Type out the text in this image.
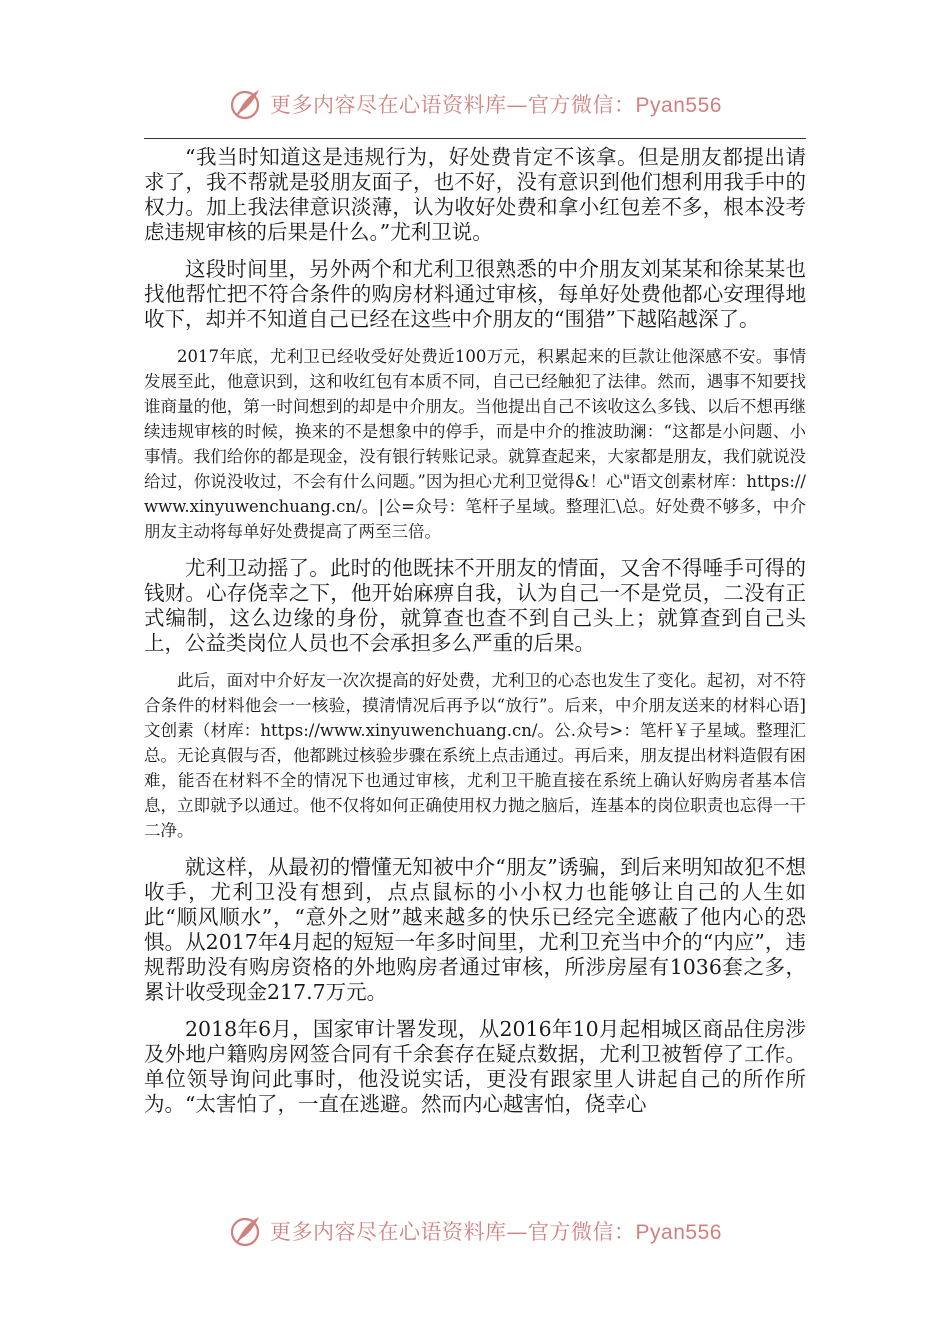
更多内容尽在心语资料库—官方微信：Pyan556

“我当时知道这是违规行为，好处费肯定不该拿。但是朋友都提出请求了，我不帮就是驳朋友面子，也不好，没有意识到他们想利用我手中的权力。加上我法律意识淡薄，认为收好处费和拿小红包差不多，根本没考虑违规审核的后果是什么。”尤利卫说。

这段时间里，另外两个和尤利卫很熟悉的中介朋友刘某某和徐某某也找他帮忙把不符合条件的购房材料通过审核，每单好处费他都心安理得地收下，却并不知道自己已经在这些中介朋友的“围猎”下越陷越深了。

2017年底，尤利卫已经收受好处费近100万元，积累起来的巨款让他深感不安。事情发展至此，他意识到，这和收红包有本质不同，自己已经触犯了法律。然而，遇事不知要找谁商量的他，第一时间想到的却是中介朋友。当他提出自己不该收这么多钱、以后不想再继续违规审核的时候，换来的不是想象中的停手，而是中介的推波助澜：“这都是小问题、小事情。我们给你的都是现金，没有银行转账记录。就算查起来，大家都是朋友，我们就说没给过，你说没收过，不会有什么问题。”因为担心尤利卫觉得&！心"语文创素材库：https://www.xinyuwenchuang.cn/。|公=众号：笔杆子星域。整理汇\总。好处费不够多，中介朋友主动将每单好处费提高了两至三倍。

尤利卫动摇了。此时的他既抹不开朋友的情面，又舍不得唾手可得的钱财。心存侥幸之下，他开始麻痹自我，认为自己一不是党员，二没有正式编制，这么边缘的身份，就算查也查不到自己头上；就算查到自己头上，公益类岗位人员也不会承担多么严重的后果。

此后，面对中介好友一次次提高的好处费，尤利卫的心态也发生了变化。起初，对不符合条件的材料他会一一核验，摸清情况后再予以“放行”。后来，中介朋友送来的材料心语]文创素（材库：https://www.xinyuwenchuang.cn/。公.众号>：笔杆￥子星域。整理汇总。无论真假与否，他都跳过核验步骤在系统上点击通过。再后来，朋友提出材料造假有困难，能否在材料不全的情况下也通过审核，尤利卫干脆直接在系统上确认好购房者基本信息，立即就予以通过。他不仅将如何正确使用权力抛之脑后，连基本的岗位职责也忘得一干二净。

就这样，从最初的懵懂无知被中介“朋友”诱骗，到后来明知故犯不想收手，尤利卫没有想到，点点鼠标的小小权力也能够让自己的人生如此“顺风顺水”，“意外之财”越来越多的快乐已经完全遮蔽了他内心的恐惧。从2017年4月起的短短一年多时间里，尤利卫充当中介的“内应”，违规帮助没有购房资格的外地购房者通过审核，所涉房屋有1036套之多，累计收受现金217.7万元。

2018年6月，国家审计署发现，从2016年10月起相城区商品住房涉及外地户籍购房网签合同有千余套存在疑点数据，尤利卫被暂停了工作。单位领导询问此事时，他没说实话，更没有跟家里人讲起自己的所作所为。“太害怕了，一直在逃避。然而内心越害怕，侥幸心

更多内容尽在心语资料库—官方微信：Pyan556
